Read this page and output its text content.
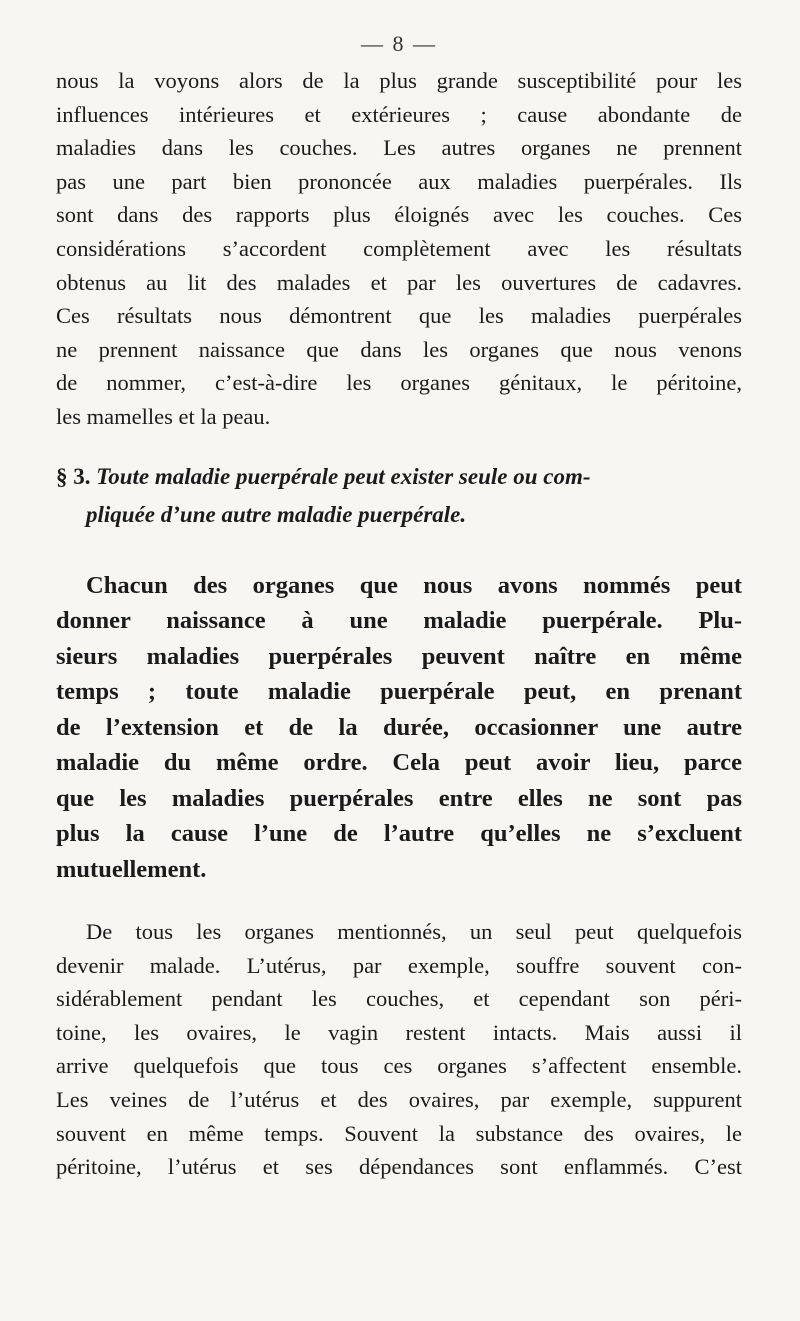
— 8 —

nous la voyons alors de la plus grande susceptibilité pour les
influences intérieures et extérieures ; cause abondante de
maladies dans les couches. Les autres organes ne prennent
pas une part bien prononcée aux maladies puerpérales. Ils
sont dans des rapports plus éloignés avec les couches. Ces
considérations s’accordent complètement avec les résultats
obtenus au lit des malades et par les ouvertures de cadavres.
Ces résultats nous démontrent que les maladies puerpérales
ne prennent naissance que dans les organes que nous venons
de nommer, c’est-à-dire les organes génitaux, le péritoine,
les mamelles et la peau.

§ 3. Toute maladie puerpérale peut exister seule ou com-
pliquée d’une autre maladie puerpérale.

Chacun des organes que nous avons nommés peut
donner naissance à une maladie puerpérale. Plu-
sieurs maladies puerpérales peuvent naître en même
temps ; toute maladie puerpérale peut, en prenant
de l’extension et de la durée, occasionner une autre
maladie du même ordre. Cela peut avoir lieu, parce
que les maladies puerpérales entre elles ne sont pas
plus la cause l’une de l’autre qu’elles ne s’excluent
mutuellement.

De tous les organes mentionnés, un seul peut quelquefois
devenir malade. L’utérus, par exemple, souffre souvent con-
sidérablement pendant les couches, et cependant son péri-
toine, les ovaires, le vagin restent intacts. Mais aussi il
arrive quelquefois que tous ces organes s’affectent ensemble.
Les veines de l’utérus et des ovaires, par exemple, suppurent
souvent en même temps. Souvent la substance des ovaires, le
péritoine, l’utérus et ses dépendances sont enflammés. C’est
